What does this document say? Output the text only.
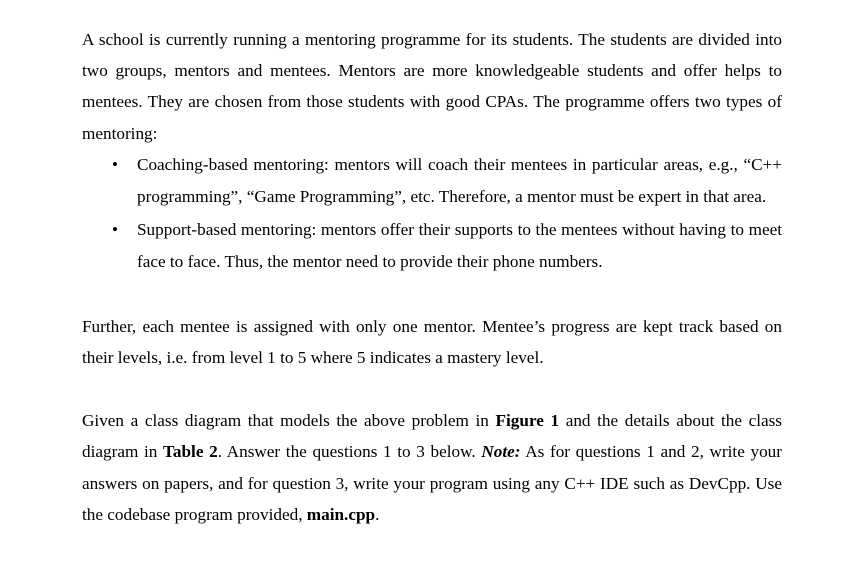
A school is currently running a mentoring programme for its students. The students are divided into two groups, mentors and mentees. Mentors are more knowledgeable students and offer helps to mentees. They are chosen from those students with good CPAs. The programme offers two types of mentoring:

• Coaching-based mentoring: mentors will coach their mentees in particular areas, e.g., “C++ programming”, “Game Programming”, etc. Therefore, a mentor must be expert in that area.
• Support-based mentoring: mentors offer their supports to the mentees without having to meet face to face. Thus, the mentor need to provide their phone numbers.

Further, each mentee is assigned with only one mentor. Mentee’s progress are kept track based on their levels, i.e. from level 1 to 5 where 5 indicates a mastery level.

Given a class diagram that models the above problem in Figure 1 and the details about the class diagram in Table 2. Answer the questions 1 to 3 below. Note: As for questions 1 and 2, write your answers on papers, and for question 3, write your program using any C++ IDE such as DevCpp. Use the codebase program provided, main.cpp.
